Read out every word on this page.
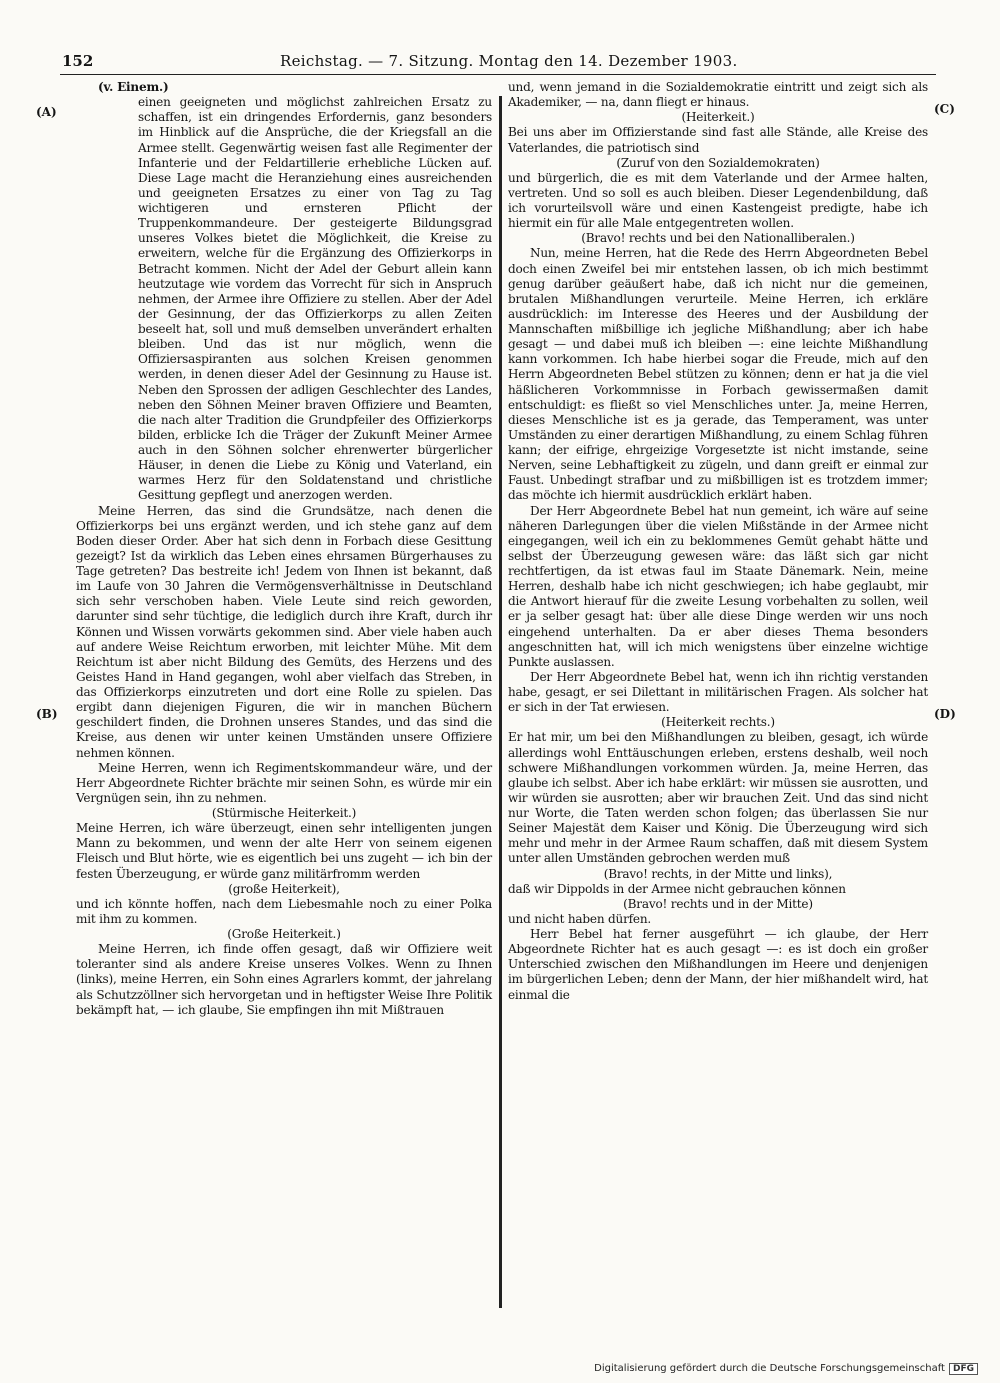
152	Reichstag. — 7. Sitzung. Montag den 14. Dezember 1903.
(A)
(B)
(C)
(D)

(v. Einem.)

einen geeigneten und möglichst zahlreichen Ersatz zu schaffen, ist ein dringendes Erfordernis, ganz besonders im Hinblick auf die Ansprüche, die der Kriegsfall an die Armee stellt. Gegenwärtig weisen fast alle Regimenter der Infanterie und der Feldartillerie erhebliche Lücken auf. Diese Lage macht die Heranziehung eines ausreichenden und geeigneten Ersatzes zu einer von Tag zu Tag wichtigeren und ernsteren Pflicht der Truppenkommandeure. Der gesteigerte Bildungsgrad unseres Volkes bietet die Möglichkeit, die Kreise zu erweitern, welche für die Ergänzung des Offizierkorps in Betracht kommen. Nicht der Adel der Geburt allein kann heutzutage wie vordem das Vorrecht für sich in Anspruch nehmen, der Armee ihre Offiziere zu stellen. Aber der Adel der Gesinnung, der das Offizierkorps zu allen Zeiten beseelt hat, soll und muß demselben unverändert erhalten bleiben. Und das ist nur möglich, wenn die Offiziersaspiranten aus solchen Kreisen genommen werden, in denen dieser Adel der Gesinnung zu Hause ist. Neben den Sprossen der adligen Geschlechter des Landes, neben den Söhnen Meiner braven Offiziere und Beamten, die nach alter Tradition die Grundpfeiler des Offizierkorps bilden, erblicke Ich die Träger der Zukunft Meiner Armee auch in den Söhnen solcher ehrenwerter bürgerlicher Häuser, in denen die Liebe zu König und Vaterland, ein warmes Herz für den Soldatenstand und christliche Gesittung gepflegt und anerzogen werden.

Meine Herren, das sind die Grundsätze, nach denen die Offizierkorps bei uns ergänzt werden, und ich stehe ganz auf dem Boden dieser Order. Aber hat sich denn in Forbach diese Gesittung gezeigt? Ist da wirklich das Leben eines ehrsamen Bürgerhauses zu Tage getreten? Das bestreite ich! Jedem von Ihnen ist bekannt, daß im Laufe von 30 Jahren die Vermögensverhältnisse in Deutschland sich sehr verschoben haben. Viele Leute sind reich geworden, darunter sind sehr tüchtige, die lediglich durch ihre Kraft, durch ihr Können und Wissen vorwärts gekommen sind. Aber viele haben auch auf andere Weise Reichtum erworben, mit leichter Mühe. Mit dem Reichtum ist aber nicht Bildung des Gemüts, des Herzens und des Geistes Hand in Hand gegangen, wohl aber vielfach das Streben, in das Offizierkorps einzutreten und dort eine Rolle zu spielen. Das ergibt dann diejenigen Figuren, die wir in manchen Büchern geschildert finden, die Drohnen unseres Standes, und das sind die Kreise, aus denen wir unter keinen Umständen unsere Offiziere nehmen können.

Meine Herren, wenn ich Regimentskommandeur wäre, und der Herr Abgeordnete Richter brächte mir seinen Sohn, es würde mir ein Vergnügen sein, ihn zu nehmen.

(Stürmische Heiterkeit.)

Meine Herren, ich wäre überzeugt, einen sehr intelligenten jungen Mann zu bekommen, und wenn der alte Herr von seinem eigenen Fleisch und Blut hörte, wie es eigentlich bei uns zugeht — ich bin der festen Überzeugung, er würde ganz militärfromm werden

(große Heiterkeit),

und ich könnte hoffen, nach dem Liebesmahle noch zu einer Polka mit ihm zu kommen.

(Große Heiterkeit.)

Meine Herren, ich finde offen gesagt, daß wir Offiziere weit toleranter sind als andere Kreise unseres Volkes. Wenn zu Ihnen (links), meine Herren, ein Sohn eines Agrarlers kommt, der jahrelang als Schutzzöllner sich hervorgetan und in heftigster Weise Ihre Politik bekämpft hat, — ich glaube, Sie empfingen ihn mit Mißtrauen

und, wenn jemand in die Sozialdemokratie eintritt und zeigt sich als Akademiker, — na, dann fliegt er hinaus.

(Heiterkeit.)

Bei uns aber im Offizierstande sind fast alle Stände, alle Kreise des Vaterlandes, die patriotisch sind

(Zuruf von den Sozialdemokraten)

und bürgerlich, die es mit dem Vaterlande und der Armee halten, vertreten. Und so soll es auch bleiben. Dieser Legendenbildung, daß ich vorurteilsvoll wäre und einen Kastengeist predigte, habe ich hiermit ein für alle Male entgegentreten wollen.

(Bravo! rechts und bei den Nationalliberalen.)

Nun, meine Herren, hat die Rede des Herrn Abgeordneten Bebel doch einen Zweifel bei mir entstehen lassen, ob ich mich bestimmt genug darüber geäußert habe, daß ich nicht nur die gemeinen, brutalen Mißhandlungen verurteile. Meine Herren, ich erkläre ausdrücklich: im Interesse des Heeres und der Ausbildung der Mannschaften mißbillige ich jegliche Mißhandlung; aber ich habe gesagt — und dabei muß ich bleiben —: eine leichte Mißhandlung kann vorkommen. Ich habe hierbei sogar die Freude, mich auf den Herrn Abgeordneten Bebel stützen zu können; denn er hat ja die viel häßlicheren Vorkommnisse in Forbach gewissermaßen damit entschuldigt: es fließt so viel Menschliches unter. Ja, meine Herren, dieses Menschliche ist es ja gerade, das Temperament, was unter Umständen zu einer derartigen Mißhandlung, zu einem Schlag führen kann; der eifrige, ehrgeizige Vorgesetzte ist nicht imstande, seine Nerven, seine Lebhaftigkeit zu zügeln, und dann greift er einmal zur Faust. Unbedingt strafbar und zu mißbilligen ist es trotzdem immer; das möchte ich hiermit ausdrücklich erklärt haben.

Der Herr Abgeordnete Bebel hat nun gemeint, ich wäre auf seine näheren Darlegungen über die vielen Mißstände in der Armee nicht eingegangen, weil ich ein zu beklommenes Gemüt gehabt hätte und selbst der Überzeugung gewesen wäre: das läßt sich gar nicht rechtfertigen, da ist etwas faul im Staate Dänemark. Nein, meine Herren, deshalb habe ich nicht geschwiegen; ich habe geglaubt, mir die Antwort hierauf für die zweite Lesung vorbehalten zu sollen, weil er ja selber gesagt hat: über alle diese Dinge werden wir uns noch eingehend unterhalten. Da er aber dieses Thema besonders angeschnitten hat, will ich mich wenigstens über einzelne wichtige Punkte auslassen.

Der Herr Abgeordnete Bebel hat, wenn ich ihn richtig verstanden habe, gesagt, er sei Dilettant in militärischen Fragen. Als solcher hat er sich in der Tat erwiesen.

(Heiterkeit rechts.)

Er hat mir, um bei den Mißhandlungen zu bleiben, gesagt, ich würde allerdings wohl Enttäuschungen erleben, erstens deshalb, weil noch schwere Mißhandlungen vorkommen würden. Ja, meine Herren, das glaube ich selbst. Aber ich habe erklärt: wir müssen sie ausrotten, und wir würden sie ausrotten; aber wir brauchen Zeit. Und das sind nicht nur Worte, die Taten werden schon folgen; das überlassen Sie nur Seiner Majestät dem Kaiser und König. Die Überzeugung wird sich mehr und mehr in der Armee Raum schaffen, daß mit diesem System unter allen Umständen gebrochen werden muß

(Bravo! rechts, in der Mitte und links),

daß wir Dippolds in der Armee nicht gebrauchen können

(Bravo! rechts und in der Mitte)

und nicht haben dürfen.

Herr Bebel hat ferner ausgeführt — ich glaube, der Herr Abgeordnete Richter hat es auch gesagt —: es ist doch ein großer Unterschied zwischen den Mißhandlungen im Heere und denjenigen im bürgerlichen Leben; denn der Mann, der hier mißhandelt wird, hat einmal die

Digitalisierung gefördert durch die Deutsche Forschungsgemeinschaft DFG
